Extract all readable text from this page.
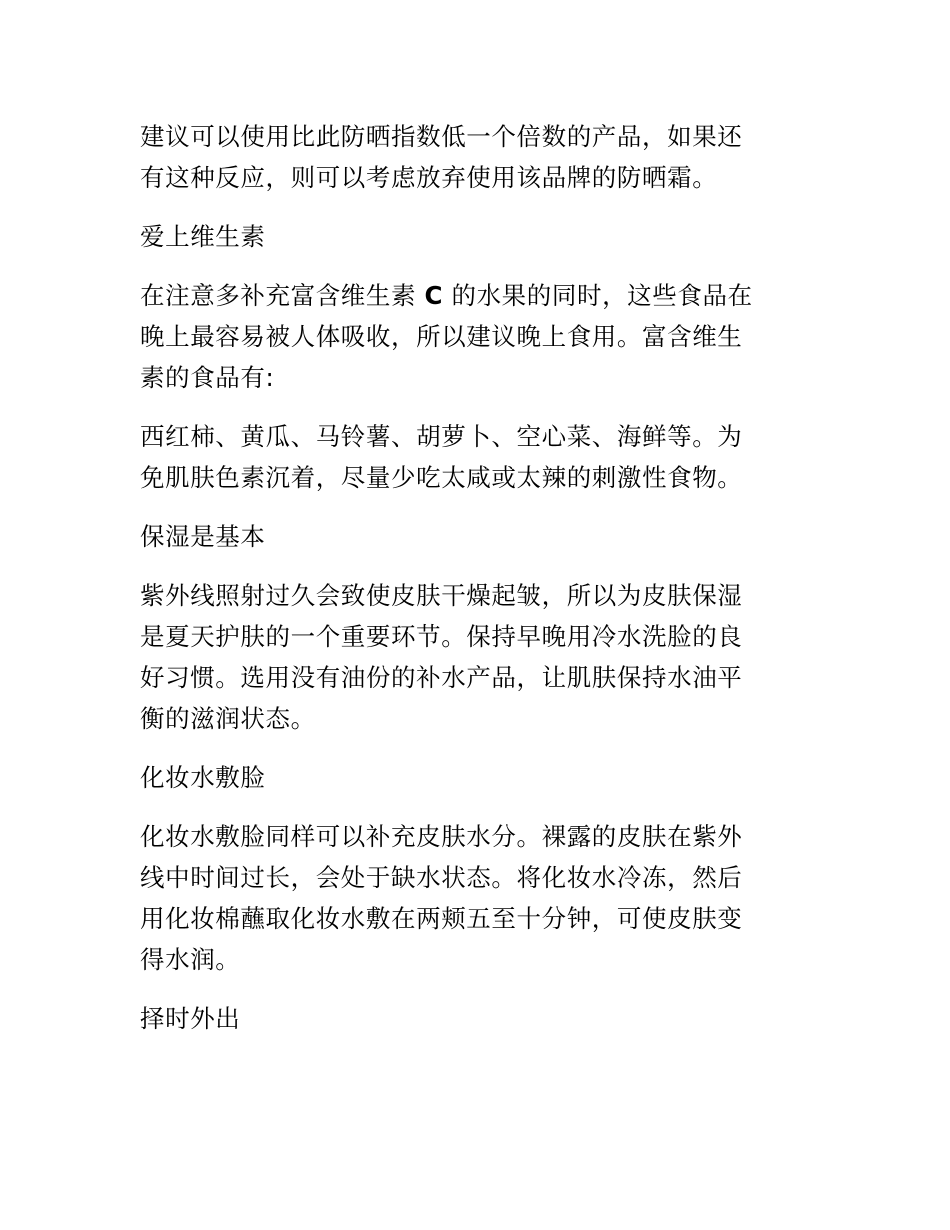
建议可以使用比此防晒指数低一个倍数的产品，如果还
有这种反应，则可以考虑放弃使用该品牌的防晒霜。
爱上维生素
在注意多补充富含维生素 C 的水果的同时，这些食品在
晚上最容易被人体吸收，所以建议晚上食用。富含维生
素的食品有:
西红柿、黄瓜、马铃薯、胡萝卜、空心菜、海鲜等。为
免肌肤色素沉着，尽量少吃太咸或太辣的刺激性食物。
保湿是基本
紫外线照射过久会致使皮肤干燥起皱，所以为皮肤保湿
是夏天护肤的一个重要环节。保持早晚用冷水洗脸的良
好习惯。选用没有油份的补水产品，让肌肤保持水油平
衡的滋润状态。
化妆水敷脸
化妆水敷脸同样可以补充皮肤水分。裸露的皮肤在紫外
线中时间过长，会处于缺水状态。将化妆水冷冻，然后
用化妆棉蘸取化妆水敷在两颊五至十分钟，可使皮肤变
得水润。
择时外出
